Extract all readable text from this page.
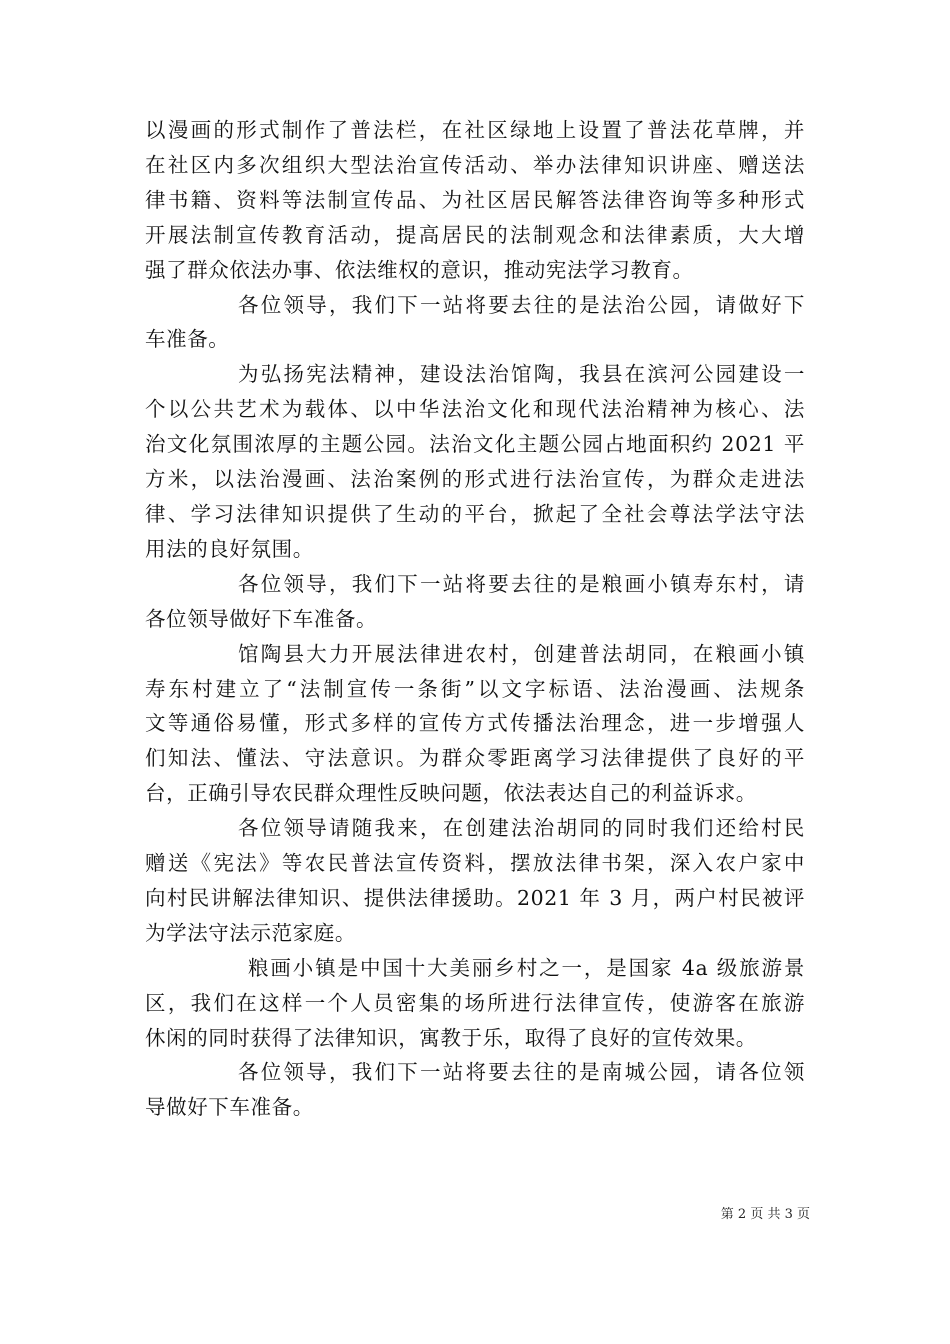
以漫画的形式制作了普法栏，在社区绿地上设置了普法花草牌，并
在社区内多次组织大型法治宣传活动、举办法律知识讲座、赠送法
律书籍、资料等法制宣传品、为社区居民解答法律咨询等多种形式
开展法制宣传教育活动，提高居民的法制观念和法律素质，大大增
强了群众依法办事、依法维权的意识，推动宪法学习教育。
各位领导，我们下一站将要去往的是法治公园，请做好下
车准备。
为弘扬宪法精神，建设法治馆陶，我县在滨河公园建设一
个以公共艺术为载体、以中华法治文化和现代法治精神为核心、法
治文化氛围浓厚的主题公园。法治文化主题公园占地面积约 2021 平
方米，以法治漫画、法治案例的形式进行法治宣传，为群众走进法
律、学习法律知识提供了生动的平台，掀起了全社会尊法学法守法
用法的良好氛围。
各位领导，我们下一站将要去往的是粮画小镇寿东村，请
各位领导做好下车准备。
馆陶县大力开展法律进农村，创建普法胡同，在粮画小镇
寿东村建立了“法制宣传一条街”以文字标语、法治漫画、法规条
文等通俗易懂，形式多样的宣传方式传播法治理念，进一步增强人
们知法、懂法、守法意识。为群众零距离学习法律提供了良好的平
台，正确引导农民群众理性反映问题，依法表达自己的利益诉求。
各位领导请随我来，在创建法治胡同的同时我们还给村民
赠送《宪法》等农民普法宣传资料，摆放法律书架，深入农户家中
向村民讲解法律知识、提供法律援助。2021 年 3 月，两户村民被评
为学法守法示范家庭。
粮画小镇是中国十大美丽乡村之一，是国家 4a 级旅游景
区，我们在这样一个人员密集的场所进行法律宣传，使游客在旅游
休闲的同时获得了法律知识，寓教于乐，取得了良好的宣传效果。
各位领导，我们下一站将要去往的是南城公园，请各位领
导做好下车准备。
第 2 页 共 3 页
